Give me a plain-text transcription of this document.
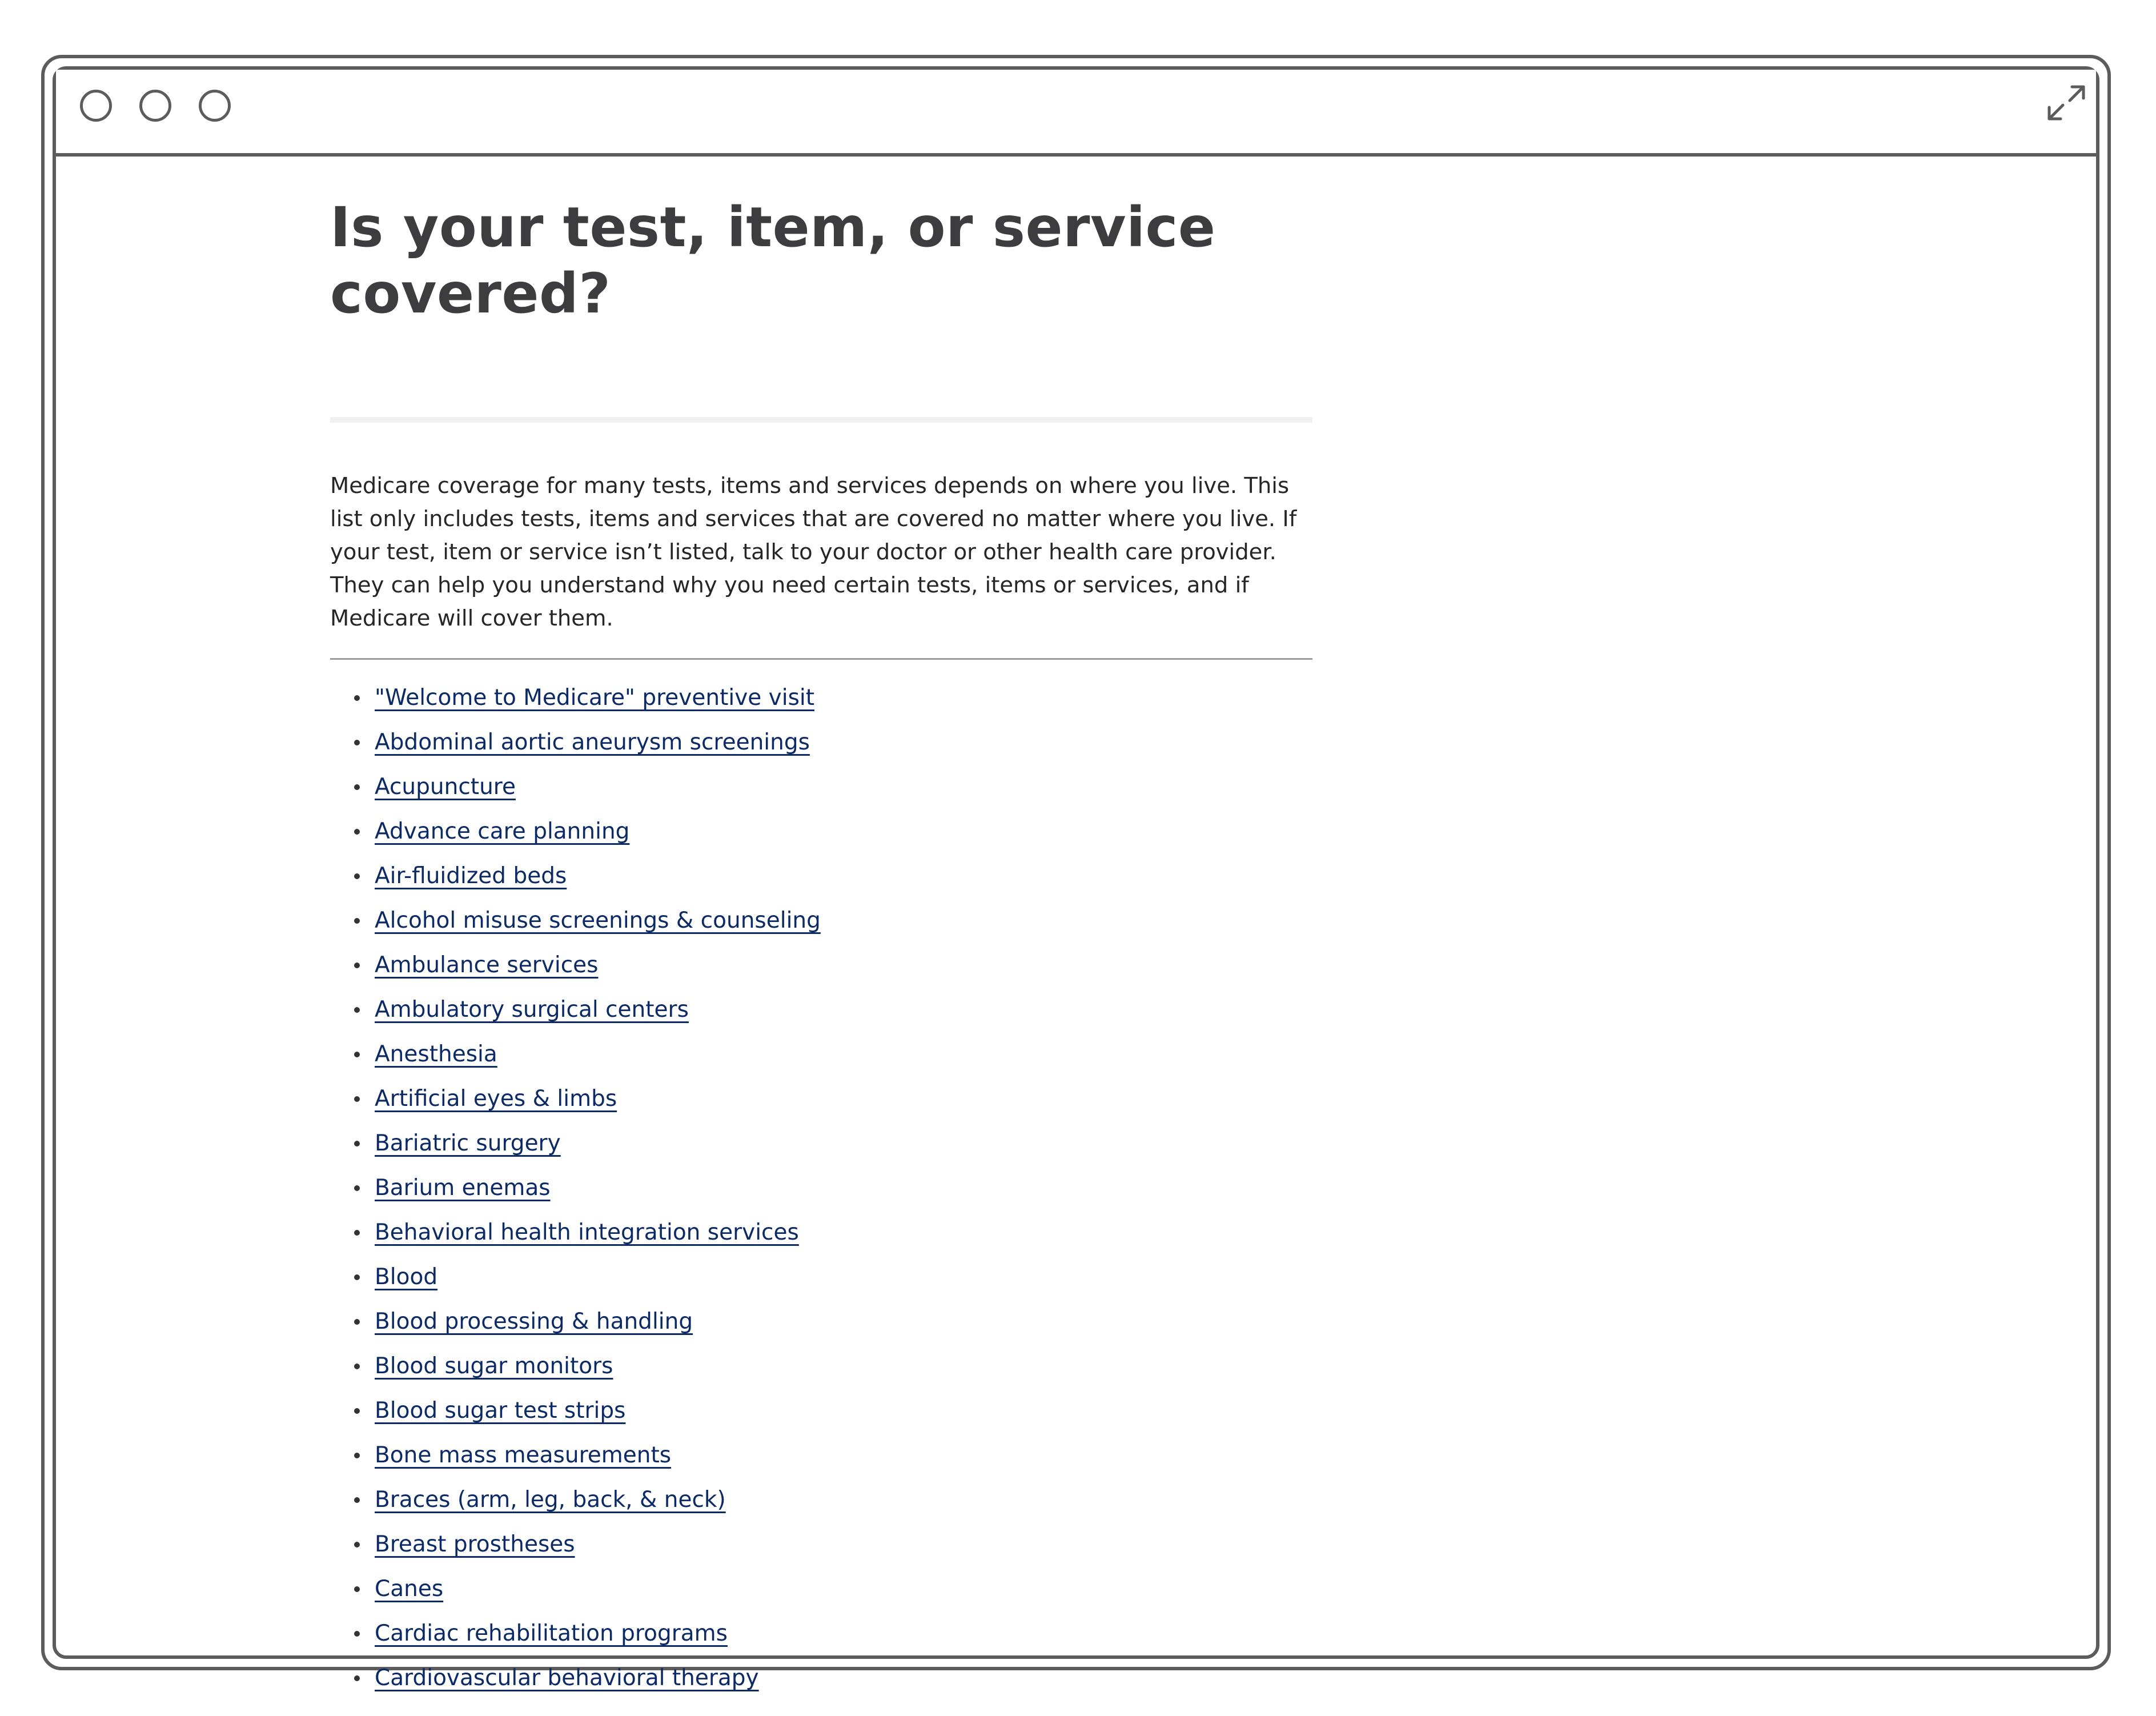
Is your test, item, or service covered?

Medicare coverage for many tests, items and services depends on where you live. This list only includes tests, items and services that are covered no matter where you live. If your test, item or service isn’t listed, talk to your doctor or other health care provider. They can help you understand why you need certain tests, items or services, and if Medicare will cover them.

"Welcome to Medicare" preventive visit
Abdominal aortic aneurysm screenings
Acupuncture
Advance care planning
Air-fluidized beds
Alcohol misuse screenings & counseling
Ambulance services
Ambulatory surgical centers
Anesthesia
Artificial eyes & limbs
Bariatric surgery
Barium enemas
Behavioral health integration services
Blood
Blood processing & handling
Blood sugar monitors
Blood sugar test strips
Bone mass measurements
Braces (arm, leg, back, & neck)
Breast prostheses
Canes
Cardiac rehabilitation programs
Cardiovascular behavioral therapy
